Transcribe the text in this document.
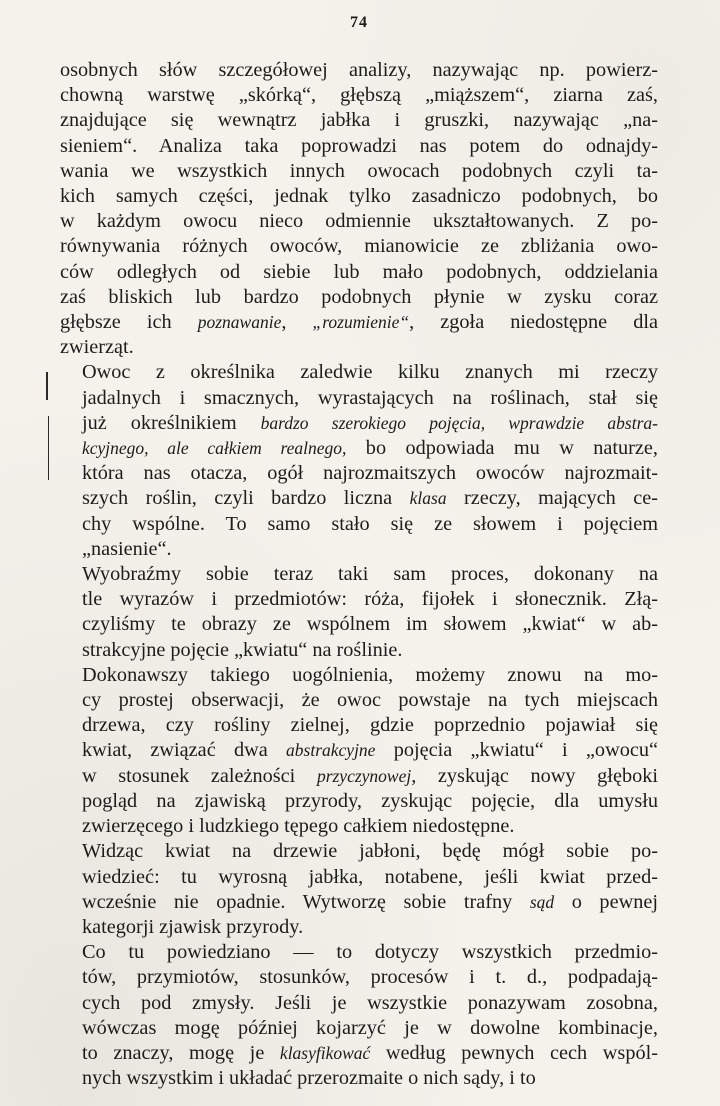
74

osobnych słów szczegółowej analizy, nazywając np. powierz-
chowną warstwę „skórką“, głębszą „miąższem“, ziarna zaś,
znajdujące się wewnątrz jabłka i gruszki, nazywając „na-
sieniem“. Analiza taka poprowadzi nas potem do odnajdy-
wania we wszystkich innych owocach podobnych czyli ta-
kich samych części, jednak tylko zasadniczo podobnych, bo
w każdym owocu nieco odmiennie ukształtowanych. Z po-
równywania różnych owoców, mianowicie ze zbliżania owo-
ców odległych od siebie lub mało podobnych, oddzielania
zaś bliskich lub bardzo podobnych płynie w zysku coraz
głębsze ich poznawanie, „rozumienie“, zgoła niedostępne dla
zwierząt.

Owoc z określnika zaledwie kilku znanych mi rzeczy
jadalnych i smacznych, wyrastających na roślinach, stał się
już określnikiem bardzo szerokiego pojęcia, wprawdzie abstra-
kcyjnego, ale całkiem realnego, bo odpowiada mu w naturze,
która nas otacza, ogół najrozmaitszych owoców najrozmait-
szych roślin, czyli bardzo liczna klasa rzeczy, mających ce-
chy wspólne. To samo stało się ze słowem i pojęciem
„nasienie“.

Wyobraźmy sobie teraz taki sam proces, dokonany na
tle wyrazów i przedmiotów: róża, fijołek i słonecznik. Złą-
czyliśmy te obrazy ze wspólnem im słowem „kwiat“ w ab-
strakcyjne pojęcie „kwiatu“ na roślinie.

Dokonawszy takiego uogólnienia, możemy znowu na mo-
cy prostej obserwacji, że owoc powstaje na tych miejscach
drzewa, czy rośliny zielnej, gdzie poprzednio pojawiał się
kwiat, związać dwa abstrakcyjne pojęcia „kwiatu“ i „owocu“
w stosunek zależności przyczynowej, zyskując nowy głęboki
pogląd na zjawiską przyrody, zyskując pojęcie, dla umysłu
zwierzęcego i ludzkiego tępego całkiem niedostępne.

Widząc kwiat na drzewie jabłoni, będę mógł sobie po-
wiedzieć: tu wyrosną jabłka, notabene, jeśli kwiat przed-
wcześnie nie opadnie. Wytworzę sobie trafny sąd o pewnej
kategorji zjawisk przyrody.

Co tu powiedziano — to dotyczy wszystkich przedmio-
tów, przymiotów, stosunków, procesów i t. d., podpadają-
cych pod zmysły. Jeśli je wszystkie ponazywam zosobna,
wówczas mogę później kojarzyć je w dowolne kombinacje,
to znaczy, mogę je klasyfikować według pewnych cech wspól-
nych wszystkim i układać przerozmaite o nich sądy, i to
